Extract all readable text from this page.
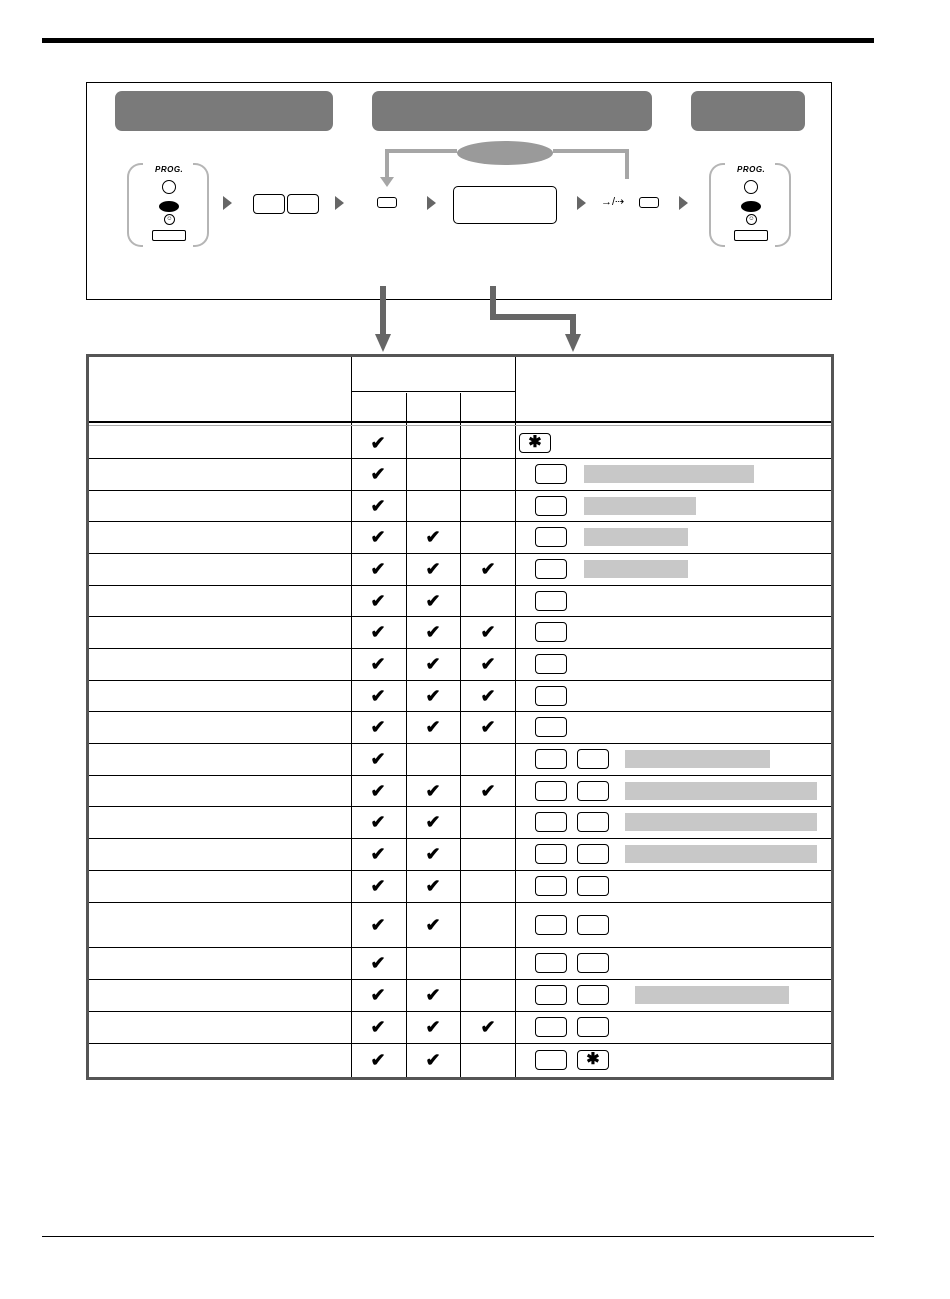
PROG.
☺
→/⇢
PROG.
☺
✔	✱
✔
✔
✔ ✔
✔ ✔ ✔
✔ ✔
✔ ✔ ✔
✔ ✔ ✔
✔ ✔ ✔
✔ ✔ ✔
✔
✔ ✔ ✔
✔ ✔
✔ ✔
✔ ✔
✔ ✔
✔
✔ ✔
✔ ✔ ✔
✔ ✔	✱
